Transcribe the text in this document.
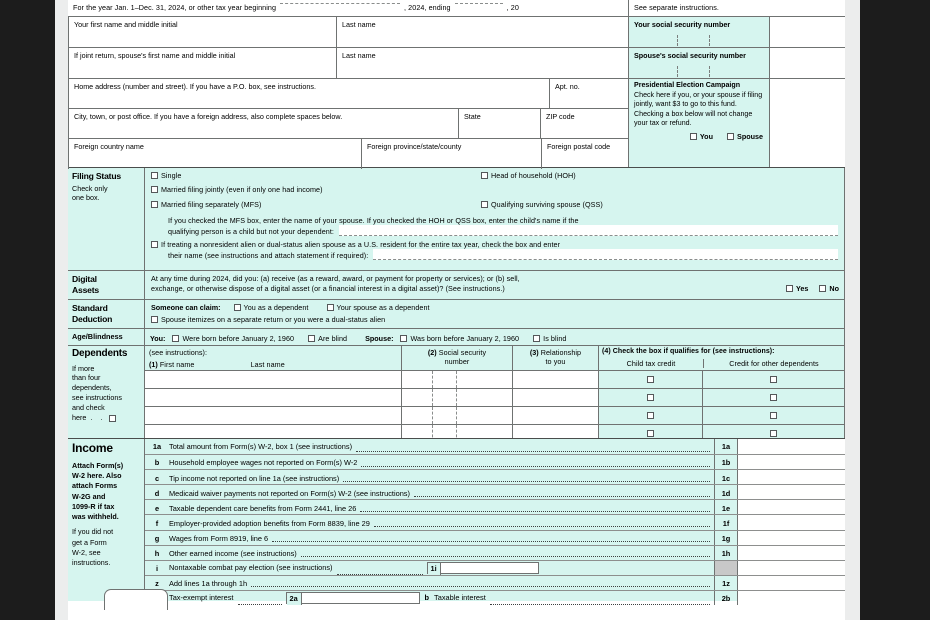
For the year Jan. 1–Dec. 31, 2024, or other tax year beginning	, 2024, ending	, 20	See separate instructions.
Your first name and middle initial	Last name	Your social security number
If joint return, spouse's first name and middle initial	Last name	Spouse's social security number
Home address (number and street). If you have a P.O. box, see instructions.	Apt. no.
City, town, or post office. If you have a foreign address, also complete spaces below.	State	ZIP code
Foreign country name	Foreign province/state/county	Foreign postal code
Presidential Election Campaign
Check here if you, or your spouse if filing jointly, want $3 to go to this fund. Checking a box below will not change your tax or refund.
You	Spouse
Filing Status
Check only
one box.
Single
Married filing jointly (even if only one had income)
Married filing separately (MFS)
Head of household (HOH)
Qualifying surviving spouse (QSS)
If you checked the MFS box, enter the name of your spouse. If you checked the HOH or QSS box, enter the child's name if the
qualifying person is a child but not your dependent:
If treating a nonresident alien or dual-status alien spouse as a U.S. resident for the entire tax year, check the box and enter
their name (see instructions and attach statement if required):
Digital
Assets
At any time during 2024, did you: (a) receive (as a reward, award, or payment for property or services); or (b) sell,
exchange, or otherwise dispose of a digital asset (or a financial interest in a digital asset)? (See instructions.)	Yes	No
Standard
Deduction
Someone can claim:	You as a dependent	Your spouse as a dependent
Spouse itemizes on a separate return or you were a dual-status alien
Age/Blindness	You:	Were born before January 2, 1960	Are blind	Spouse:	Was born before January 2, 1960	Is blind
Dependents
If more
than four
dependents,
see instructions
and check
here . .
(see instructions):
(1) First name	Last name
(2) Social security
number
(3) Relationship
to you
(4) Check the box if qualifies for (see instructions):
Child tax credit	Credit for other dependents
Income
Attach Form(s)
W-2 here. Also
attach Forms
W-2G and
1099-R if tax
was withheld.
If you did not
get a Form
W-2, see
instructions.
1a	Total amount from Form(s) W-2, box 1 (see instructions)	1a
b	Household employee wages not reported on Form(s) W-2	1b
c	Tip income not reported on line 1a (see instructions)	1c
d	Medicaid waiver payments not reported on Form(s) W-2 (see instructions)	1d
e	Taxable dependent care benefits from Form 2441, line 26	1e
f	Employer-provided adoption benefits from Form 8839, line 29	1f
g	Wages from Form 8919, line 6	1g
h	Other earned income (see instructions)	1h
i	Nontaxable combat pay election (see instructions)	1i
z	Add lines 1a through 1h	1z
Tax-exempt interest	2a	b Taxable interest	2b
